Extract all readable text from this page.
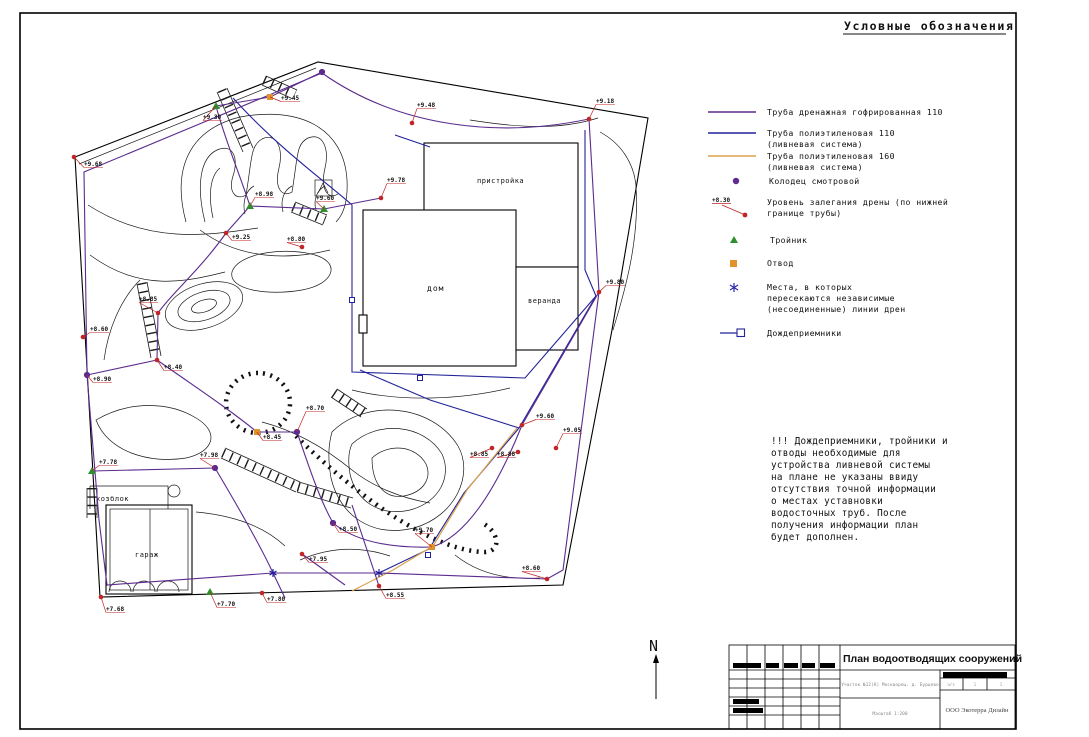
дом
пристройка
веранда
гараж
хозблок
+9.68
+9.30
+9.45
+9.48
+9.18
+9.78
+9.80
+8.98
+9.60
+9.25	+8.80
+8.60
+8.85
+8.40
+8.90
+8.70
+8.45
+7.78
+7.98
+7.68
+7.70
+7.80
+8.50
+7.95
+8.55
+9.70
+9.60
+9.05
+8.85 +8.88
+8.60
Условные обозначения
Труба дренажная гофрированная 110
Труба полиэтиленовая 110
(ливневая система)
Труба полиэтиленовая 160
(ливневая система)
Колодец смотровой
+8.30	Уровень залегания дрены (по нижней
границе трубы)
Тройник
Отвод
Места, в которых
пересекаются независимые
(несоединенные) линии дрен
Дождеприемники
!!! Дождеприемники, тройники и
отводы необходимые для
устройства ливневой системы
на плане не указаны ввиду
отсутствия точной информации
о местах уставновки
водосточных труб. После
получения информации план
будет дополнен.
N
План водоотводящих сооружений
Участок №12(К) Москворец. д. Бурцево
Масштаб 1:200
а/з	1	1
ООО Экотерра Дизайн
